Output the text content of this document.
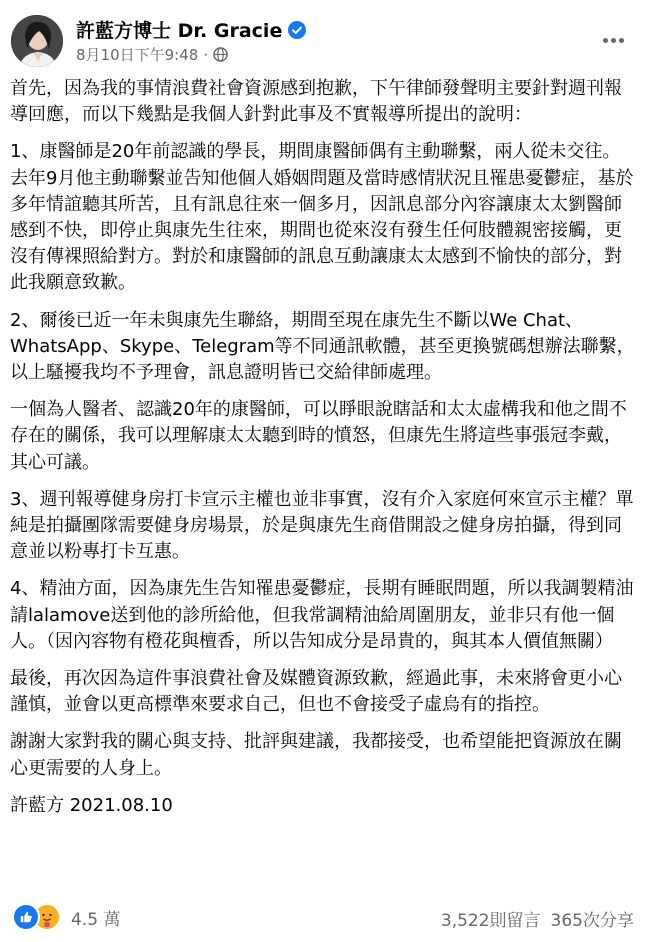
許藍方博士 Dr. Gracie
8月10日下午9:48 ·

首先，因為我的事情浪費社會資源感到抱歉，下午律師發聲明主要針對週刊報導回應，而以下幾點是我個人針對此事及不實報導所提出的說明：

1、康醫師是20年前認識的學長，期間康醫師偶有主動聯繫，兩人從未交往。去年9月他主動聯繫並告知他個人婚姻問題及當時感情狀況且罹患憂鬱症，基於多年情誼聽其所苦，且有訊息往來一個多月，因訊息部分內容讓康太太劉醫師感到不快，即停止與康先生往來，期間也從來沒有發生任何肢體親密接觸，更沒有傳裸照給對方。對於和康醫師的訊息互動讓康太太感到不愉快的部分，對此我願意致歉。

2、爾後已近一年未與康先生聯絡，期間至現在康先生不斷以We Chat、WhatsApp、Skype、Telegram等不同通訊軟體，甚至更換號碼想辦法聯繫，以上騷擾我均不予理會，訊息證明皆已交給律師處理。

一個為人醫者、認識20年的康醫師，可以睜眼說瞎話和太太虛構我和他之間不存在的關係，我可以理解康太太聽到時的憤怒，但康先生將這些事張冠李戴，其心可議。

3、週刊報導健身房打卡宣示主權也並非事實，沒有介入家庭何來宣示主權？單純是拍攝團隊需要健身房場景，於是與康先生商借開設之健身房拍攝，得到同意並以粉專打卡互惠。

4、精油方面，因為康先生告知罹患憂鬱症，長期有睡眠問題，所以我調製精油請lalamove送到他的診所給他，但我常調精油給周圍朋友，並非只有他一個人。（因內容物有橙花與檀香，所以告知成分是昂貴的，與其本人價值無關）

最後，再次因為這件事浪費社會及媒體資源致歉，經過此事，未來將會更小心謹慎，並會以更高標準來要求自己，但也不會接受子虛烏有的指控。

謝謝大家對我的關心與支持、批評與建議，我都接受，也希望能把資源放在關心更需要的人身上。

許藍方 2021.08.10

4.5 萬	3,522則留言 365次分享
